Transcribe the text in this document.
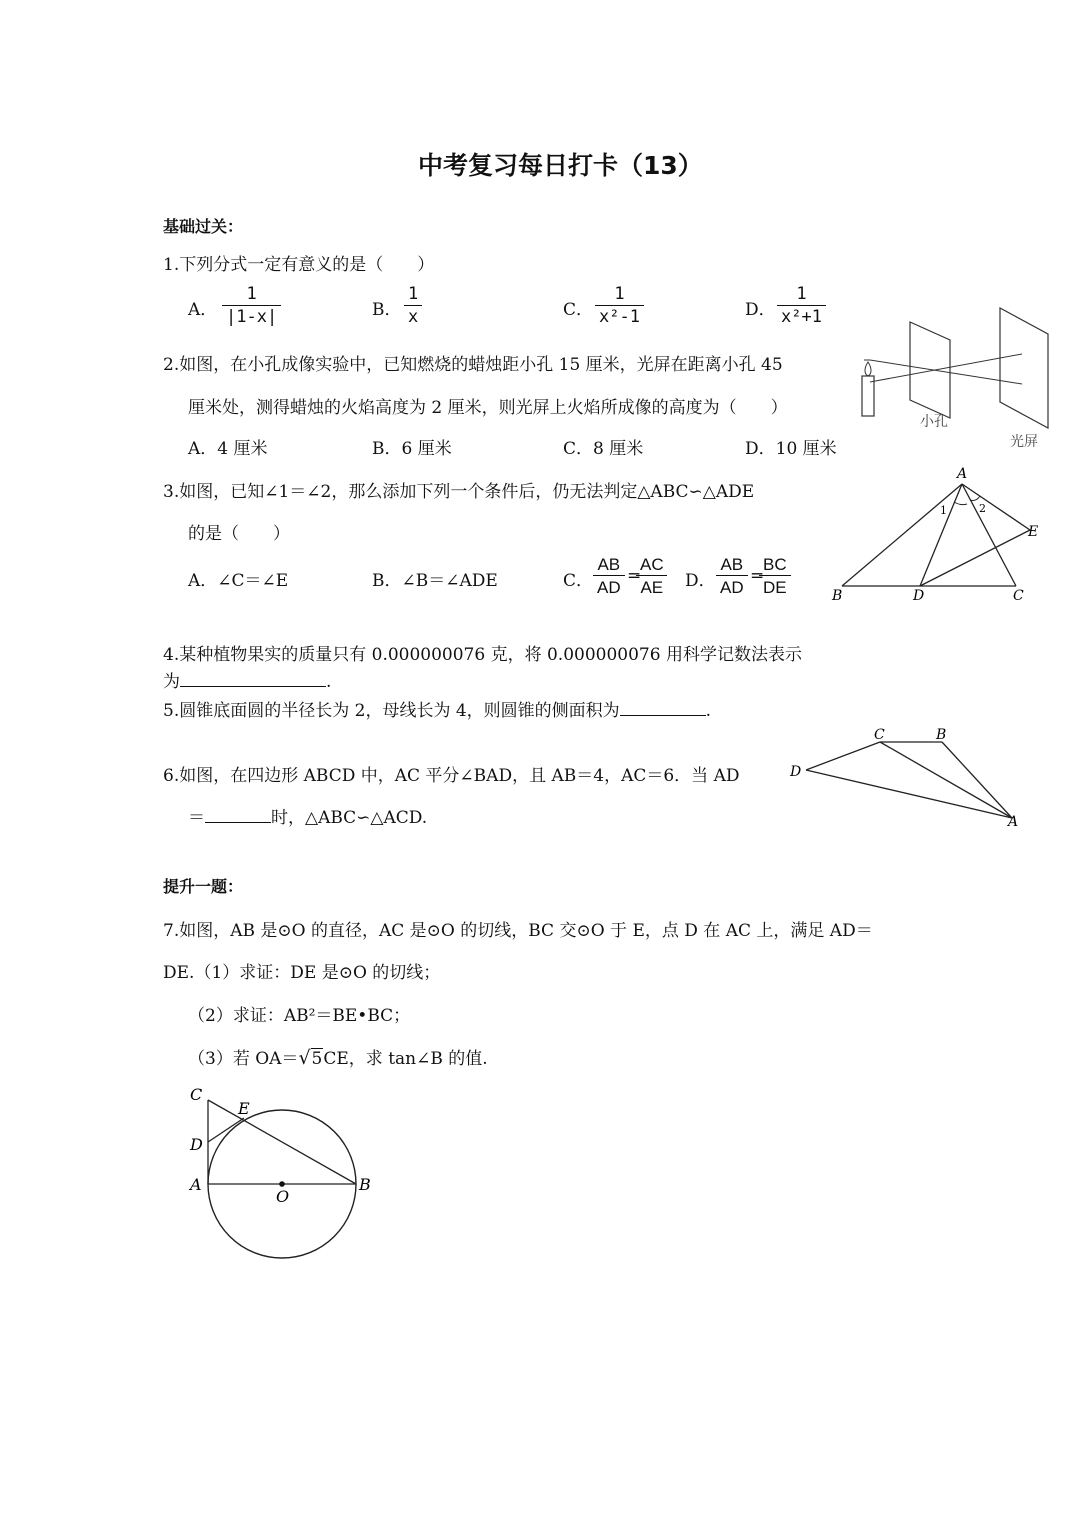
中考复习每日打卡（13）
基础过关：
1.下列分式一定有意义的是（　　）
A． $\frac{1}{|1-x|}$	B． $\frac{1}{x}$	C． $\frac{1}{\text{x²-1}}$	D． $\frac{1}{\text{x²+1}}$
2.如图，在小孔成像实验中，已知燃烧的蜡烛距小孔 15 厘米，光屏在距离小孔 45
厘米处，测得蜡烛的火焰高度为 2 厘米，则光屏上火焰所成像的高度为（　　）
A．4 厘米	B．6 厘米	C．8 厘米	D．10 厘米
小孔
光屏
3.如图，已知∠1＝∠2，那么添加下列一个条件后，仍无法判定△ABC∽△ADE
的是（　　）
A．∠C＝∠E	B．∠B＝∠ADE	C． $\frac{AB}{AD}$ =
$\frac{AC}{AE}$ D． $\frac{AB}{AD}$ =
$\frac{BC}{DE}$
A
B	D	C
E
1	2
4.某种植物果实的质量只有 0.000000076 克，将 0.000000076 用科学记数法表示
为	.
5.圆锥底面圆的半径长为 2，母线长为 4，则圆锥的侧面积为	.
6.如图，在四边形 ABCD 中，AC 平分∠BAD，且 AB＝4，AC＝6．当 AD
＝	时，△ABC∽△ACD.
C	B
D
A
提升一题：
7.如图，AB 是⊙O 的直径，AC 是⊙O 的切线，BC 交⊙O 于 E，点 D 在 AC 上，满足 AD＝
DE.（1）求证：DE 是⊙O 的切线；
（2）求证：AB²＝BE•BC；
（3）若 OA＝√5CE，求 tan∠B 的值.
C
E
D
A
O
B
